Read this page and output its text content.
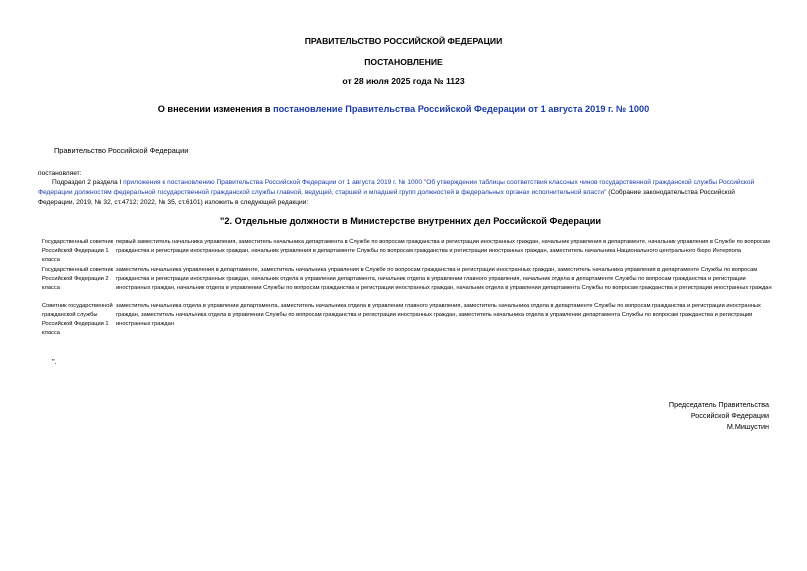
ПРАВИТЕЛЬСТВО РОССИЙСКОЙ ФЕДЕРАЦИИ
ПОСТАНОВЛЕНИЕ
от 28 июля 2025 года № 1123
О внесении изменения в постановление Правительства Российской Федерации от 1 августа 2019 г. № 1000
Правительство Российской Федерации
постановляет:
Подраздел 2 раздела I приложения к постановлению Правительства Российской Федерации от 1 августа 2019 г. № 1000 "Об утверждении таблицы соответствия классных чинов государственной гражданской службы Российской Федерации должностям федеральной государственной гражданской службы главной, ведущей, старшей и младшей групп должностей в федеральных органах исполнительной власти" (Собрание законодательства Российской Федерации, 2019, № 32, ст.4712; 2022, № 35, ст.6101) изложить в следующей редакции:
"2. Отдельные должности в Министерстве внутренних дел Российской Федерации
Государственный советник Российской Федерации 1 класса	первый заместитель начальника управления, заместитель начальника департамента в Службе по вопросам гражданства и регистрации иностранных граждан, начальник управления в департаменте, начальник управления в Службе по вопросам гражданства и регистрации иностранных граждан, начальник управления в департаменте Службы по вопросам гражданства и регистрации иностранных граждан, заместитель начальника Национального центрального бюро Интерпола
Государственный советник Российской Федерации 2 класса	заместитель начальника управления в департаменте, заместитель начальника управления в Службе по вопросам гражданства и регистрации иностранных граждан, заместитель начальника управления в департаменте Службы по вопросам гражданства и регистрации иностранных граждан, начальник отдела в управлении департамента, начальник отдела в управлении главного управления, начальник отдела в департаменте Службы по вопросам гражданства и регистрации иностранных граждан, начальник отдела в управлении Службы по вопросам гражданства и регистрации иностранных граждан, начальник отдела в управлении департамента Службы по вопросам гражданства и регистрации иностранных граждан
Советник государственной гражданской службы Российской Федерации 1 класса	заместитель начальника отдела в управлении департамента, заместитель начальника отдела в управлении главного управления, заместитель начальника отдела в департаменте Службы по вопросам гражданства и регистрации иностранных граждан, заместитель начальника отдела в управлении Службы по вопросам гражданства и регистрации иностранных граждан, заместитель начальника отдела в управлении департамента Службы по вопросам гражданства и регистрации иностранных граждан
".
Председатель Правительства
Российской Федерации
М.Мишустин
